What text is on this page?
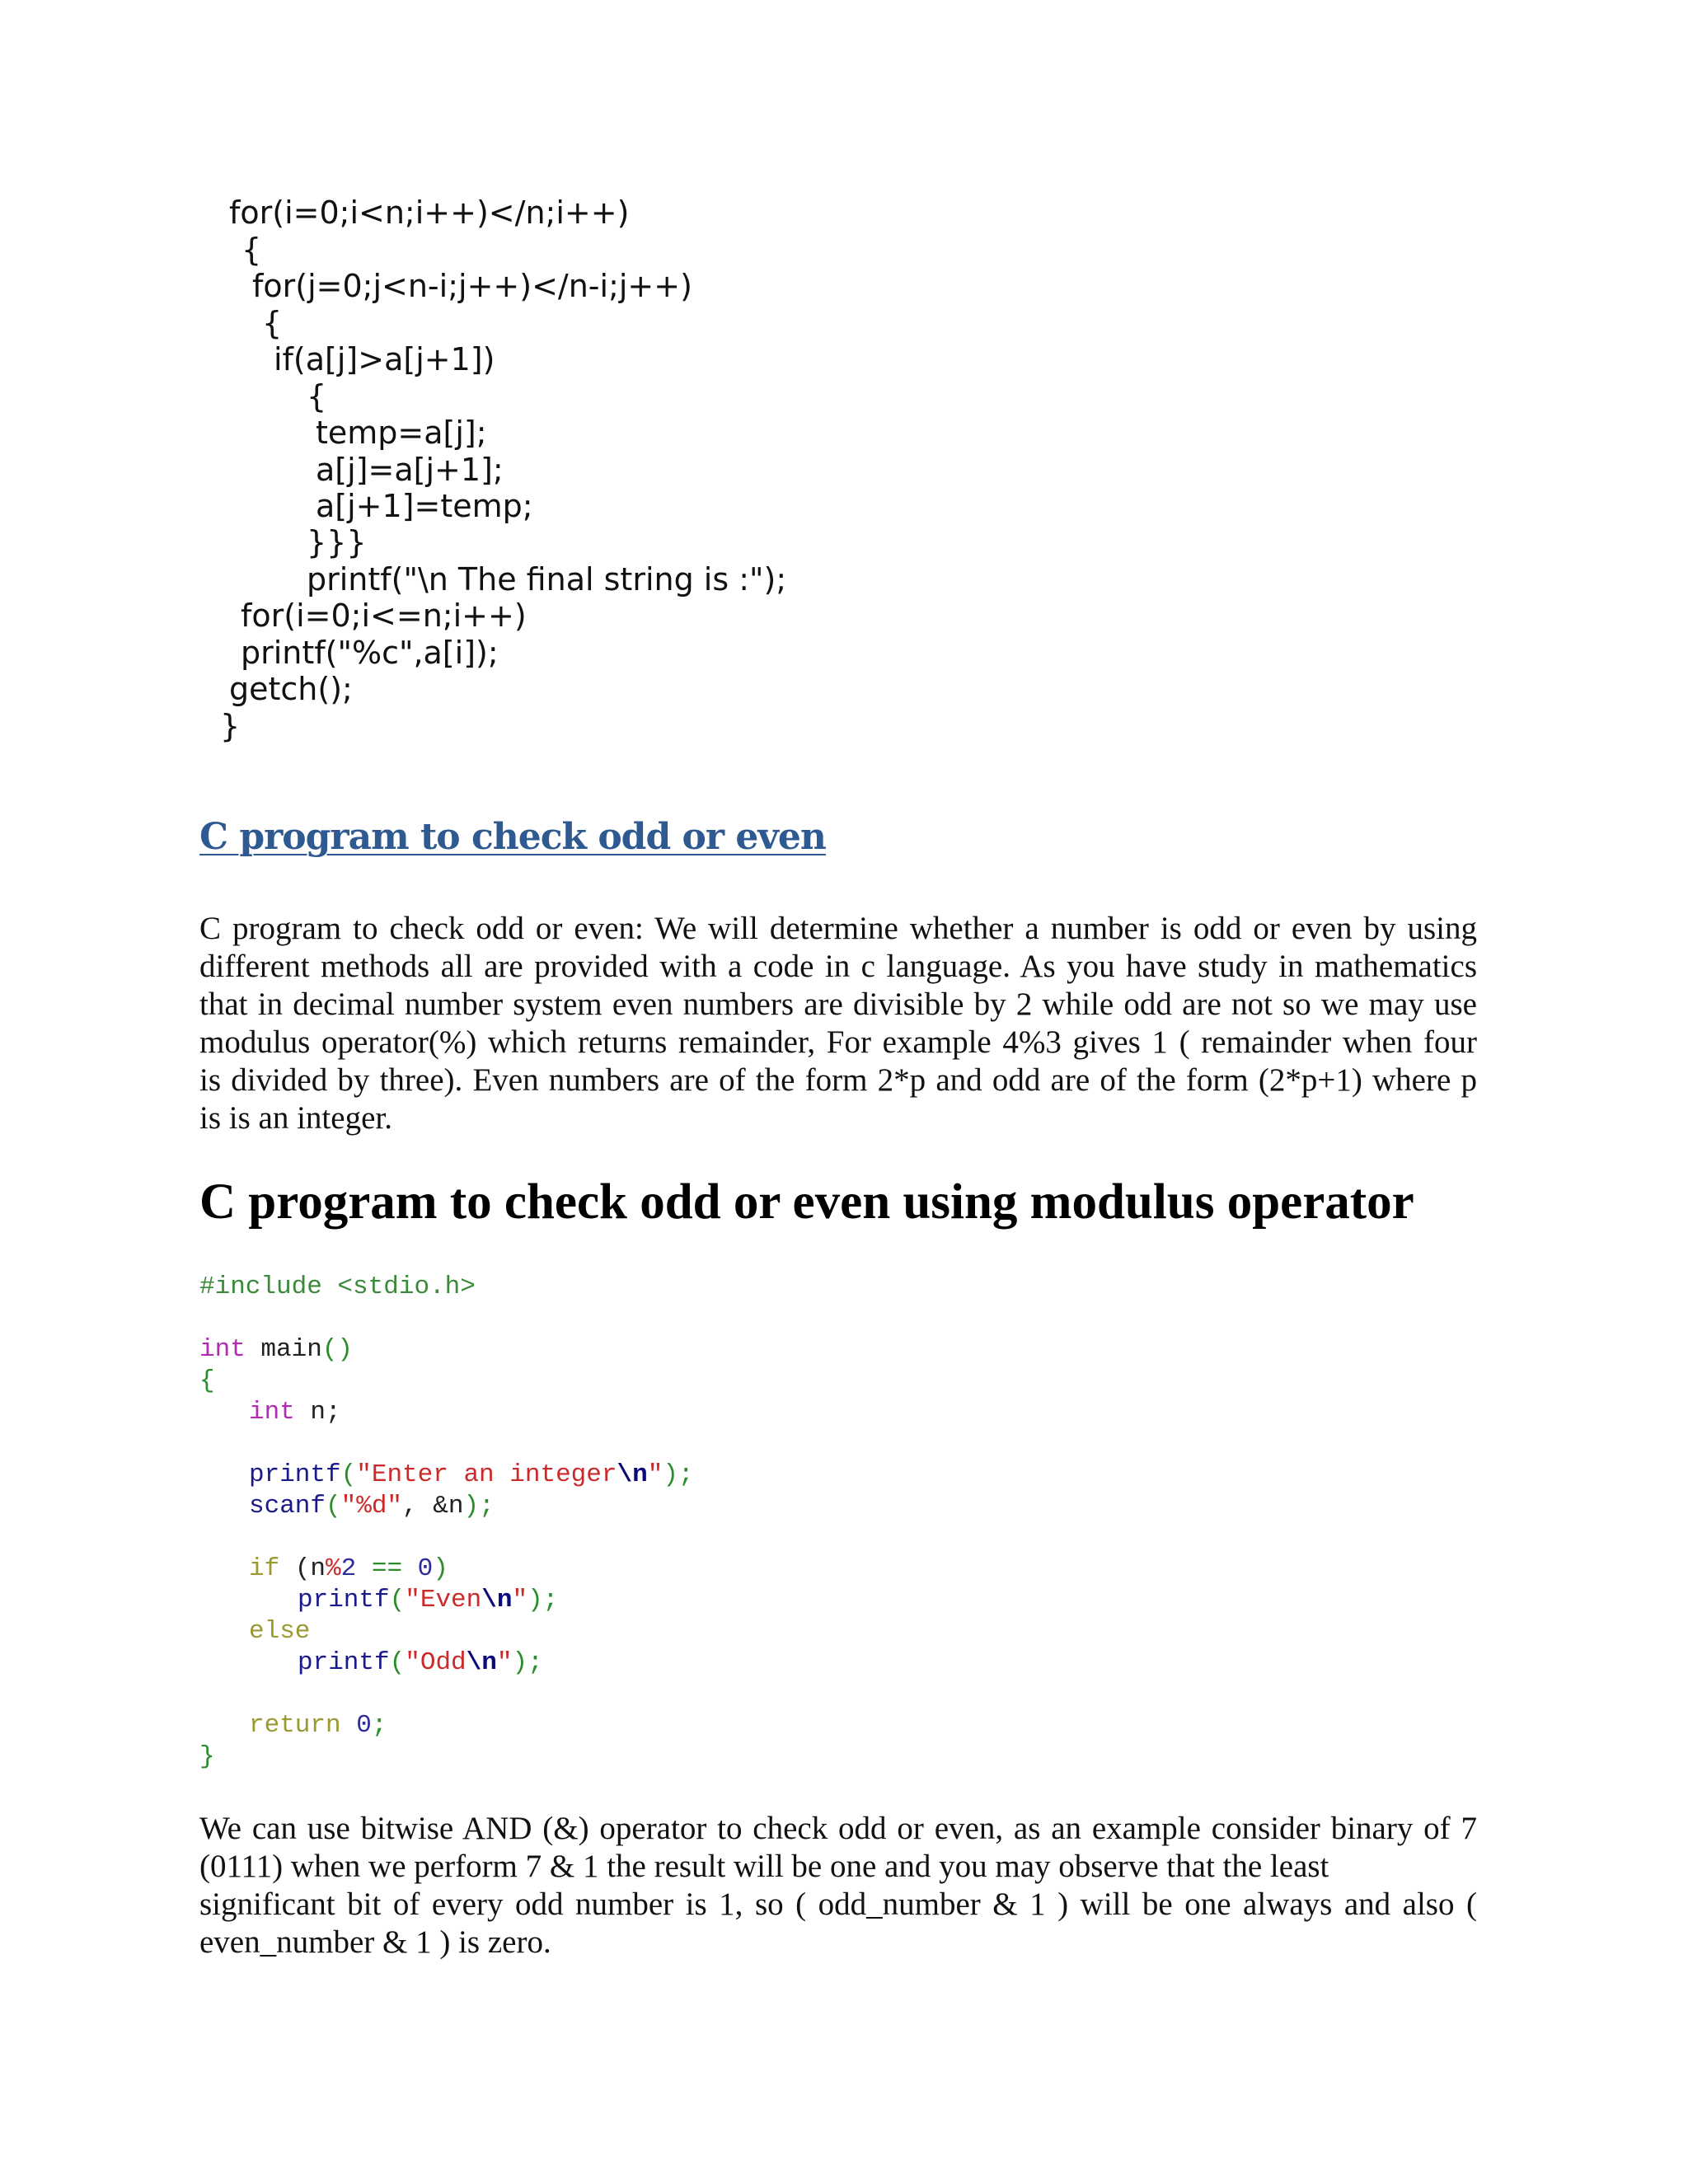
for(i=0;i<n;i++)</n;i++)
{
for(j=0;j<n-i;j++)</n-i;j++)
{
if(a[j]>a[j+1])
{
temp=a[j];
a[j]=a[j+1];
a[j+1]=temp;
}}}
printf("\n The final string is :");
for(i=0;i<=n;i++)
printf("%c",a[i]);
getch();
}
C program to check odd or even
C program to check odd or even: We will determine whether a number is odd or even by using
different methods all are provided with a code in c language. As you have study in mathematics
that in decimal number system even numbers are divisible by 2 while odd are not so we may use
modulus operator(%) which returns remainder, For example 4%3 gives 1 ( remainder when four
is divided by three). Even numbers are of the form 2*p and odd are of the form (2*p+1) where p
is is an integer.
C program to check odd or even using modulus operator
#include <stdio.h>
int main()
{
int n;
printf("Enter an integer\n");
scanf("%d", &n);
if (n%2 == 0)
printf("Even\n");
else
printf("Odd\n");
return 0;
}
We can use bitwise AND (&) operator to check odd or even, as an example consider binary of 7
(0111) when we perform 7 & 1 the result will be one and you may observe that the least
significant bit of every odd number is 1, so ( odd_number & 1 ) will be one always and also (
even_number & 1 ) is zero.
